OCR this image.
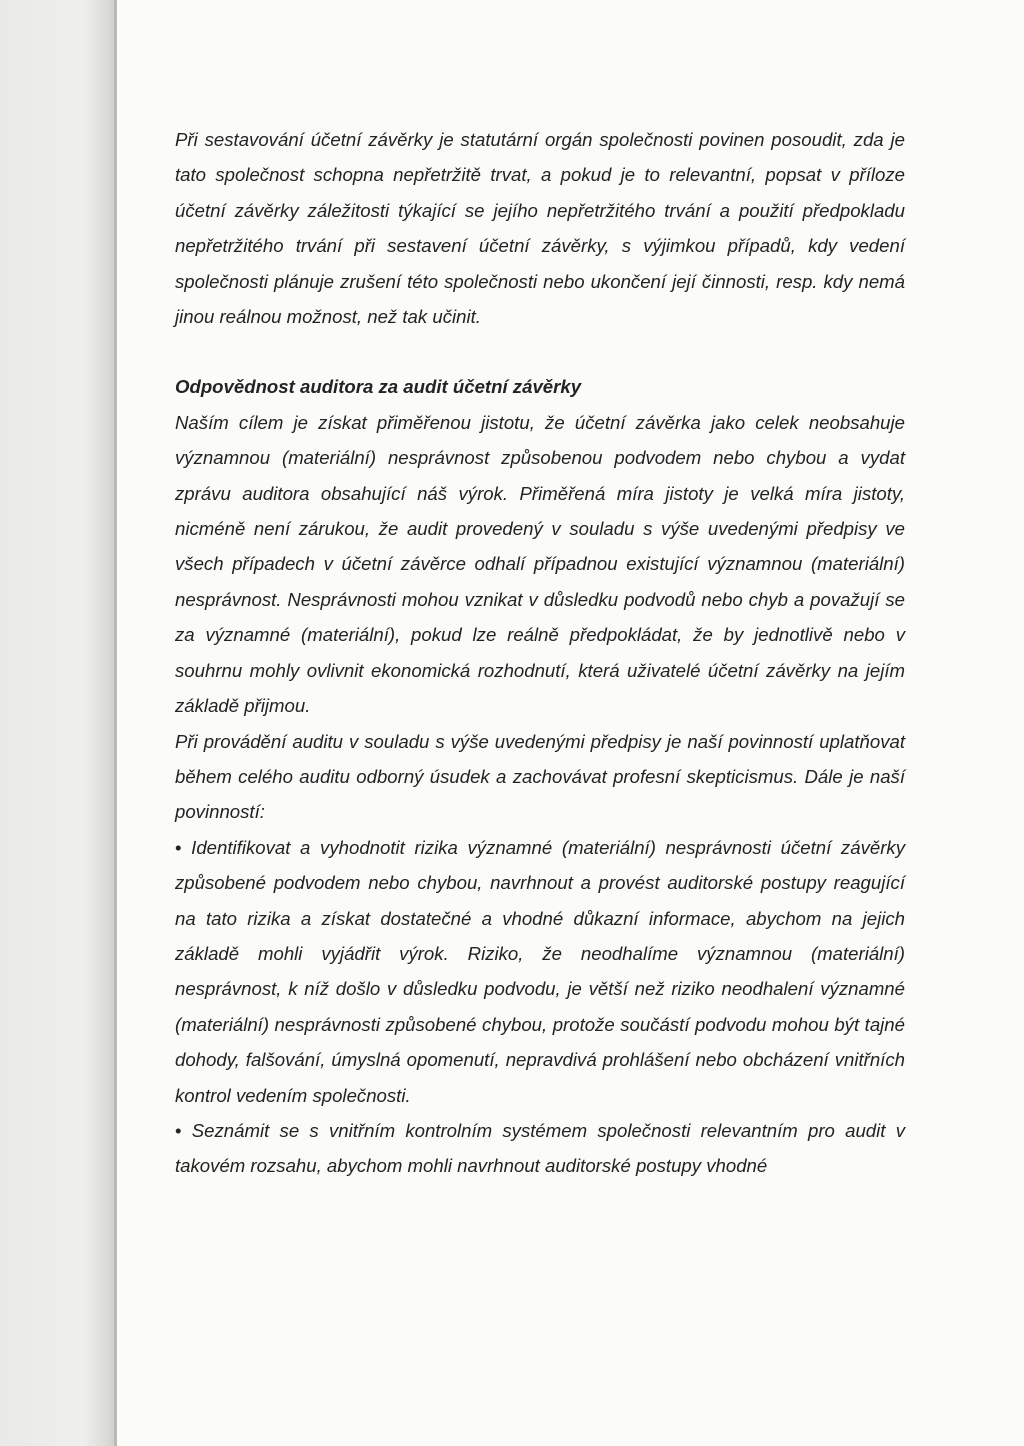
Při sestavování účetní závěrky je statutární orgán společnosti povinen posoudit, zda je tato společnost schopna nepřetržitě trvat, a pokud je to relevantní, popsat v příloze účetní závěrky záležitosti týkající se jejího nepřetržitého trvání a použití předpokladu nepřetržitého trvání při sestavení účetní závěrky, s výjimkou případů, kdy vedení společnosti plánuje zrušení této společnosti nebo ukončení její činnosti, resp. kdy nemá jinou reálnou možnost, než tak učinit.

Odpovědnost auditora za audit účetní závěrky

Naším cílem je získat přiměřenou jistotu, že účetní závěrka jako celek neobsahuje významnou (materiální) nesprávnost způsobenou podvodem nebo chybou a vydat zprávu auditora obsahující náš výrok. Přiměřená míra jistoty je velká míra jistoty, nicméně není zárukou, že audit provedený v souladu s výše uvedenými předpisy ve všech případech v účetní závěrce odhalí případnou existující významnou (materiální) nesprávnost. Nesprávnosti mohou vznikat v důsledku podvodů nebo chyb a považují se za významné (materiální), pokud lze reálně předpokládat, že by jednotlivě nebo v souhrnu mohly ovlivnit ekonomická rozhodnutí, která uživatelé účetní závěrky na jejím základě přijmou.

Při provádění auditu v souladu s výše uvedenými předpisy je naší povinností uplatňovat během celého auditu odborný úsudek a zachovávat profesní skepticismus. Dále je naší povinností:

• Identifikovat a vyhodnotit rizika významné (materiální) nesprávnosti účetní závěrky způsobené podvodem nebo chybou, navrhnout a provést auditorské postupy reagující na tato rizika a získat dostatečné a vhodné důkazní informace, abychom na jejich základě mohli vyjádřit výrok. Riziko, že neodhalíme významnou (materiální) nesprávnost, k níž došlo v důsledku podvodu, je větší než riziko neodhalení významné (materiální) nesprávnosti způsobené chybou, protože součástí podvodu mohou být tajné dohody, falšování, úmyslná opomenutí, nepravdivá prohlášení nebo obcházení vnitřních kontrol vedením společnosti.

• Seznámit se s vnitřním kontrolním systémem společnosti relevantním pro audit v takovém rozsahu, abychom mohli navrhnout auditorské postupy vhodné
